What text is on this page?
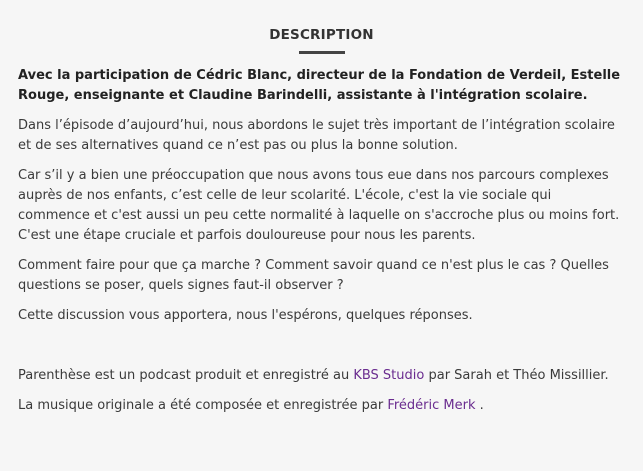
DESCRIPTION

Avec la participation de Cédric Blanc, directeur de la Fondation de Verdeil, Estelle Rouge, enseignante et Claudine Barindelli, assistante à l'intégration scolaire.

Dans l’épisode d’aujourd’hui, nous abordons le sujet très important de l’intégration scolaire et de ses alternatives quand ce n’est pas ou plus la bonne solution.

Car s’il y a bien une préoccupation que nous avons tous eue dans nos parcours complexes auprès de nos enfants, c’est celle de leur scolarité. L'école, c'est la vie sociale qui commence et c'est aussi un peu cette normalité à laquelle on s'accroche plus ou moins fort. C'est une étape cruciale et parfois douloureuse pour nous les parents.

Comment faire pour que ça marche ? Comment savoir quand ce n'est plus le cas ? Quelles questions se poser, quels signes faut-il observer ?

Cette discussion vous apportera, nous l'espérons, quelques réponses.

Parenthèse est un podcast produit et enregistré au KBS Studio par Sarah et Théo Missillier.

La musique originale a été composée et enregistrée par Frédéric Merk .
